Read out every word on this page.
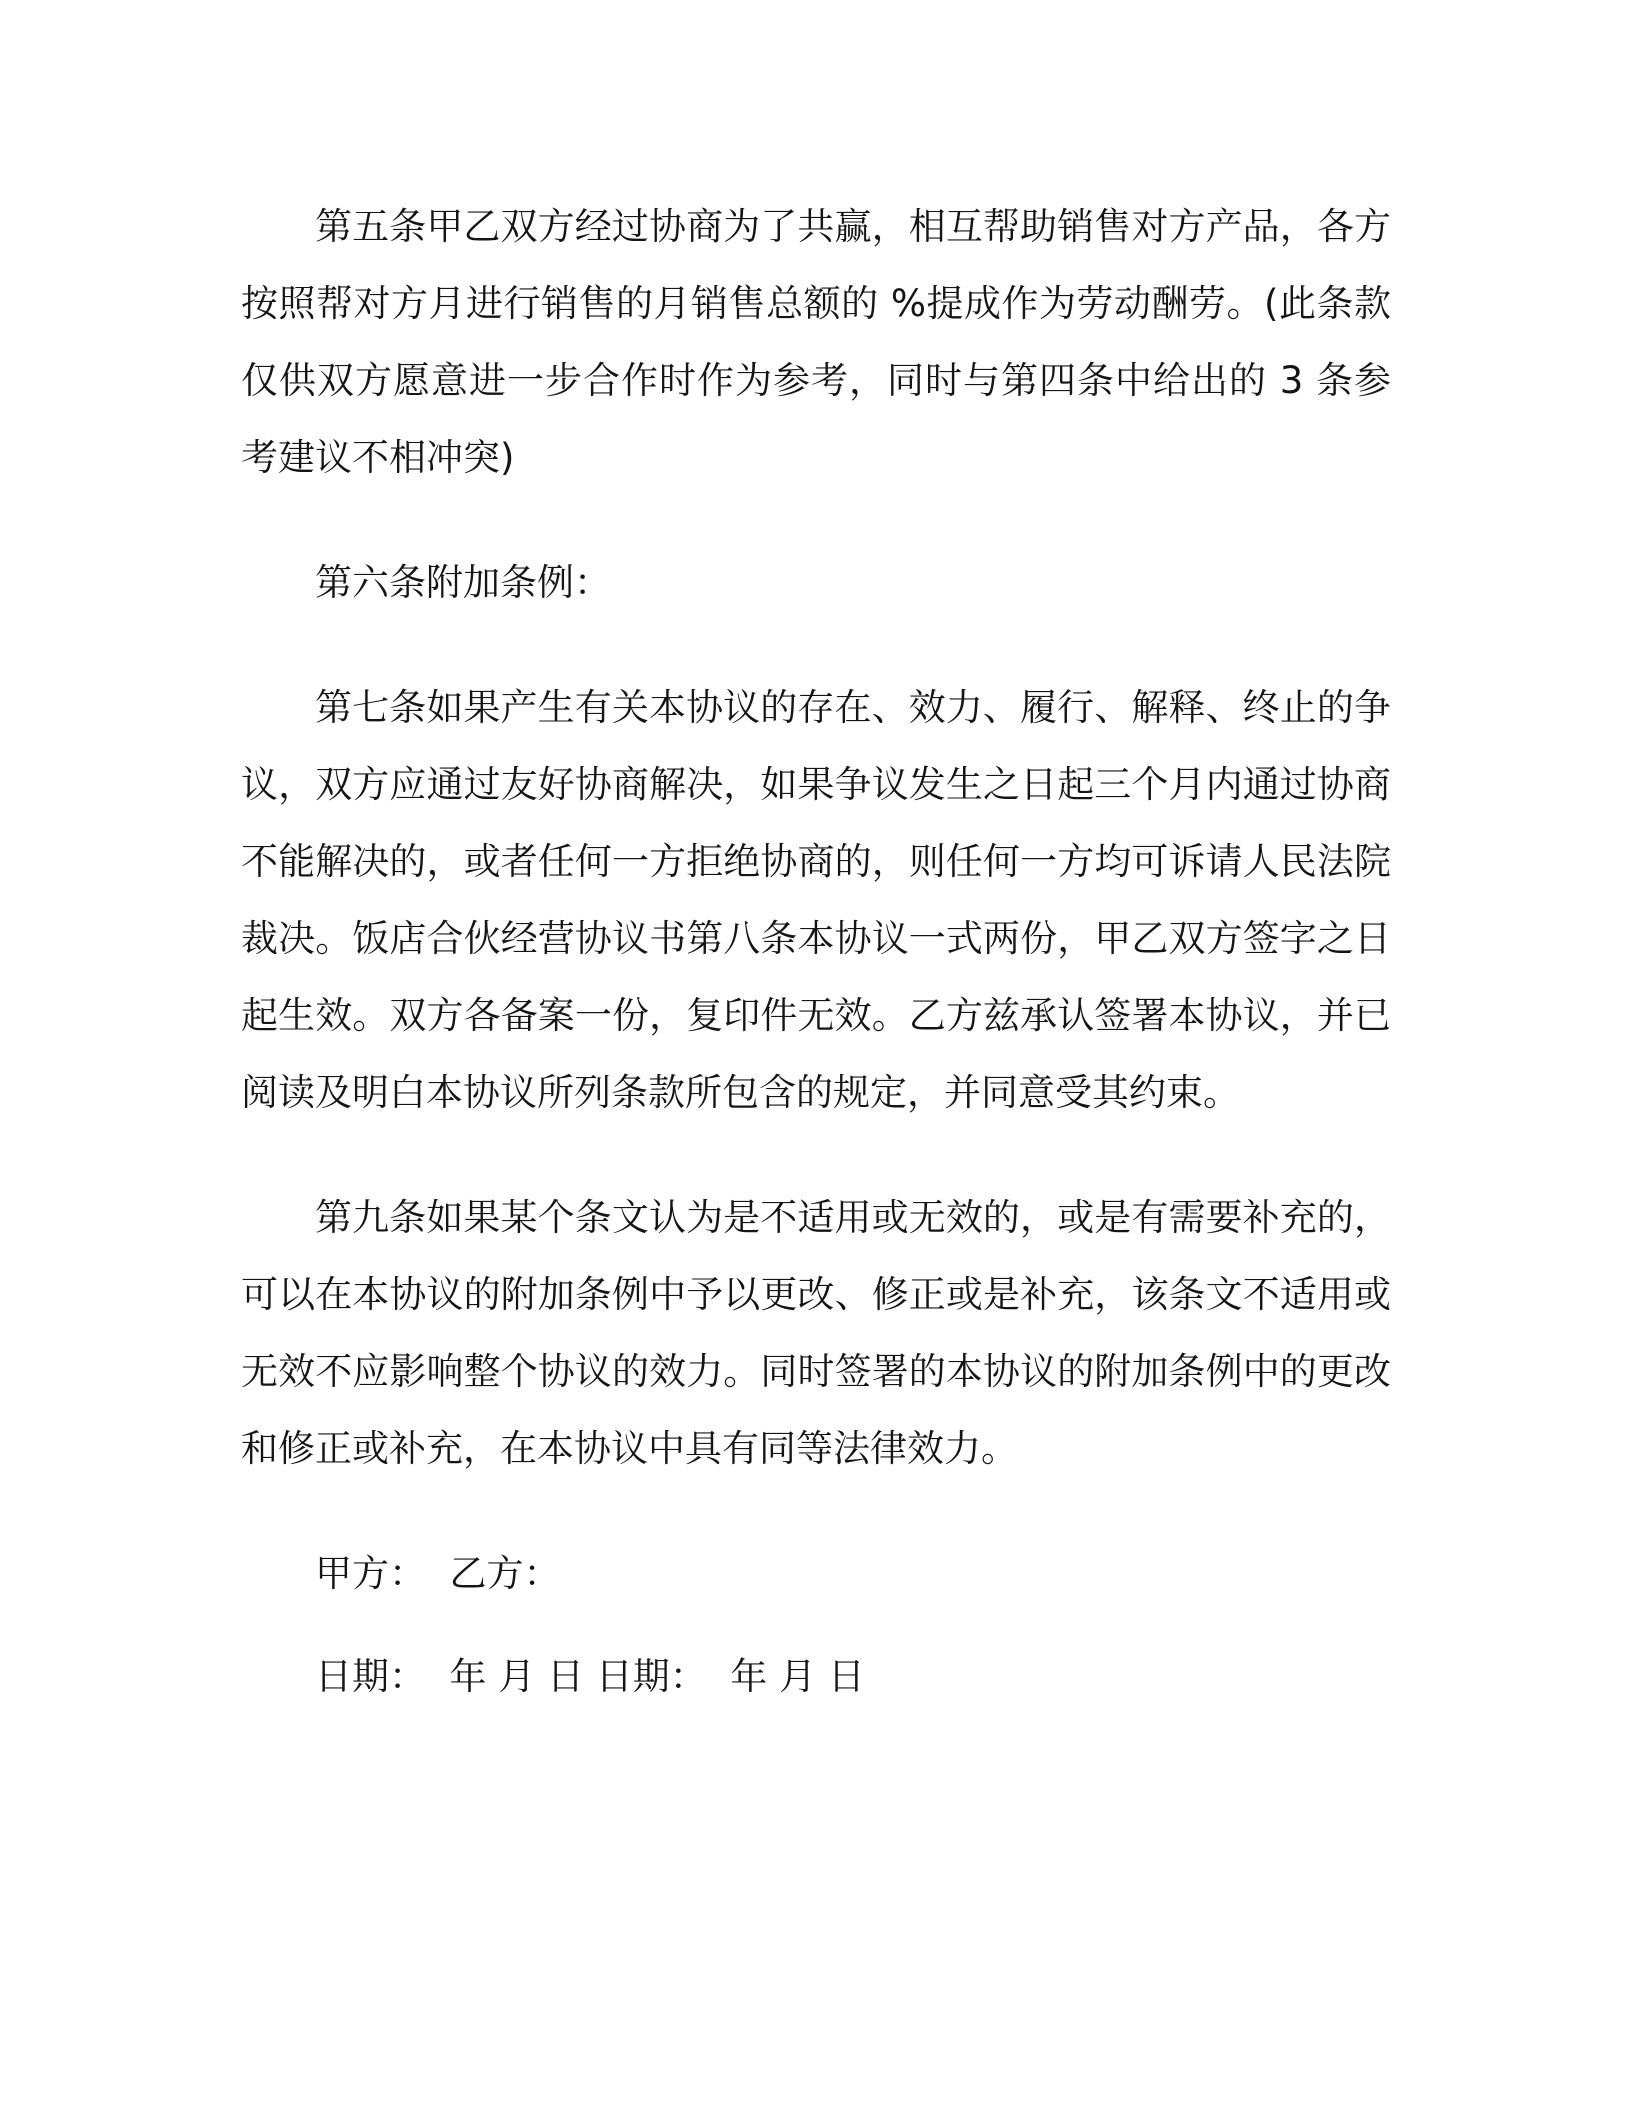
第五条甲乙双方经过协商为了共赢，相互帮助销售对方产品，各方按照帮对方月进行销售的月销售总额的 %提成作为劳动酬劳。(此条款仅供双方愿意进一步合作时作为参考，同时与第四条中给出的 3 条参考建议不相冲突)

第六条附加条例：

第七条如果产生有关本协议的存在、效力、履行、解释、终止的争议，双方应通过友好协商解决，如果争议发生之日起三个月内通过协商不能解决的，或者任何一方拒绝协商的，则任何一方均可诉请人民法院裁决。饭店合伙经营协议书第八条本协议一式两份，甲乙双方签字之日起生效。双方各备案一份，复印件无效。乙方兹承认签署本协议，并已阅读及明白本协议所列条款所包含的规定，并同意受其约束。

第九条如果某个条文认为是不适用或无效的，或是有需要补充的，可以在本协议的附加条例中予以更改、修正或是补充，该条文不适用或无效不应影响整个协议的效力。同时签署的本协议的附加条例中的更改和修正或补充，在本协议中具有同等法律效力。

甲方：  乙方：

日期：  年 月 日 日期：  年 月 日
